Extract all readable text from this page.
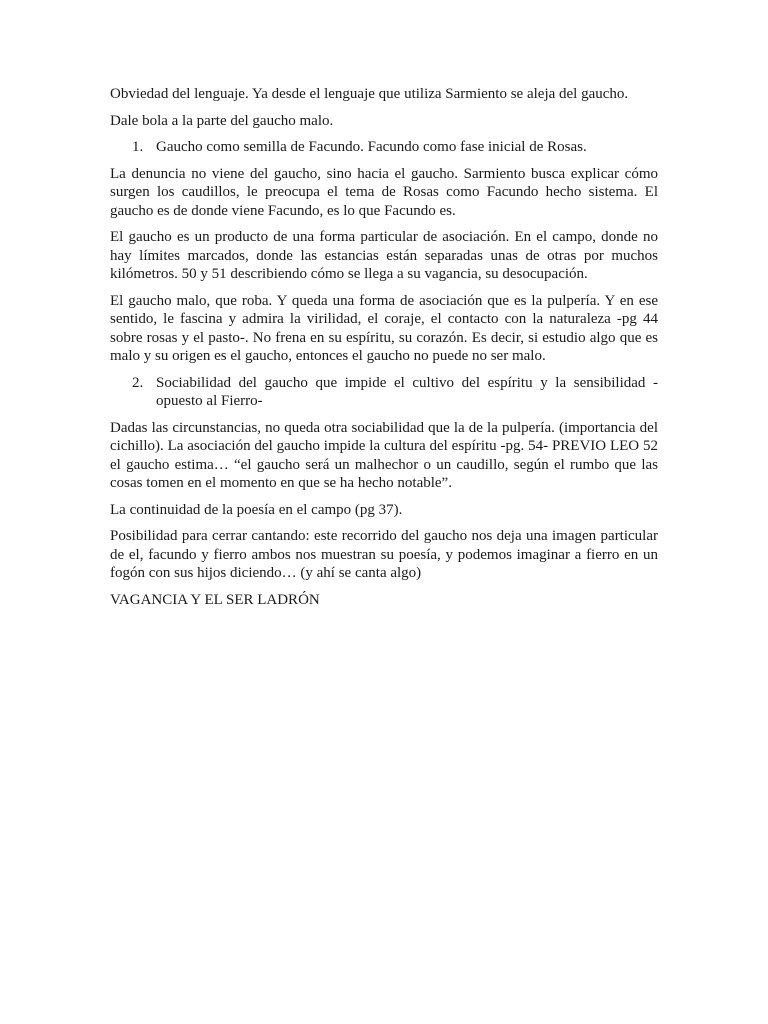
Obviedad del lenguaje. Ya desde el lenguaje que utiliza Sarmiento se aleja del gaucho.

Dale bola a la parte del gaucho malo.

1. Gaucho como semilla de Facundo. Facundo como fase inicial de Rosas.

La denuncia no viene del gaucho, sino hacia el gaucho. Sarmiento busca explicar cómo surgen los caudillos, le preocupa el tema de Rosas como Facundo hecho sistema. El gaucho es de donde viene Facundo, es lo que Facundo es.

El gaucho es un producto de una forma particular de asociación. En el campo, donde no hay límites marcados, donde las estancias están separadas unas de otras por muchos kilómetros. 50 y 51 describiendo cómo se llega a su vagancia, su desocupación.

El gaucho malo, que roba. Y queda una forma de asociación que es la pulpería. Y en ese sentido, le fascina y admira la virilidad, el coraje, el contacto con la naturaleza -pg 44 sobre rosas y el pasto-. No frena en su espíritu, su corazón. Es decir, si estudio algo que es malo y su origen es el gaucho, entonces el gaucho no puede no ser malo.

2. Sociabilidad del gaucho que impide el cultivo del espíritu y la sensibilidad - opuesto al Fierro-

Dadas las circunstancias, no queda otra sociabilidad que la de la pulpería. (importancia del cichillo). La asociación del gaucho impide la cultura del espíritu -pg. 54- PREVIO LEO 52 el gaucho estima… “el gaucho será un malhechor o un caudillo, según el rumbo que las cosas tomen en el momento en que se ha hecho notable”.

La continuidad de la poesía en el campo (pg 37).

Posibilidad para cerrar cantando: este recorrido del gaucho nos deja una imagen particular de el, facundo y fierro ambos nos muestran su poesía, y podemos imaginar a fierro en un fogón con sus hijos diciendo… (y ahí se canta algo)

VAGANCIA Y EL SER LADRÓN
